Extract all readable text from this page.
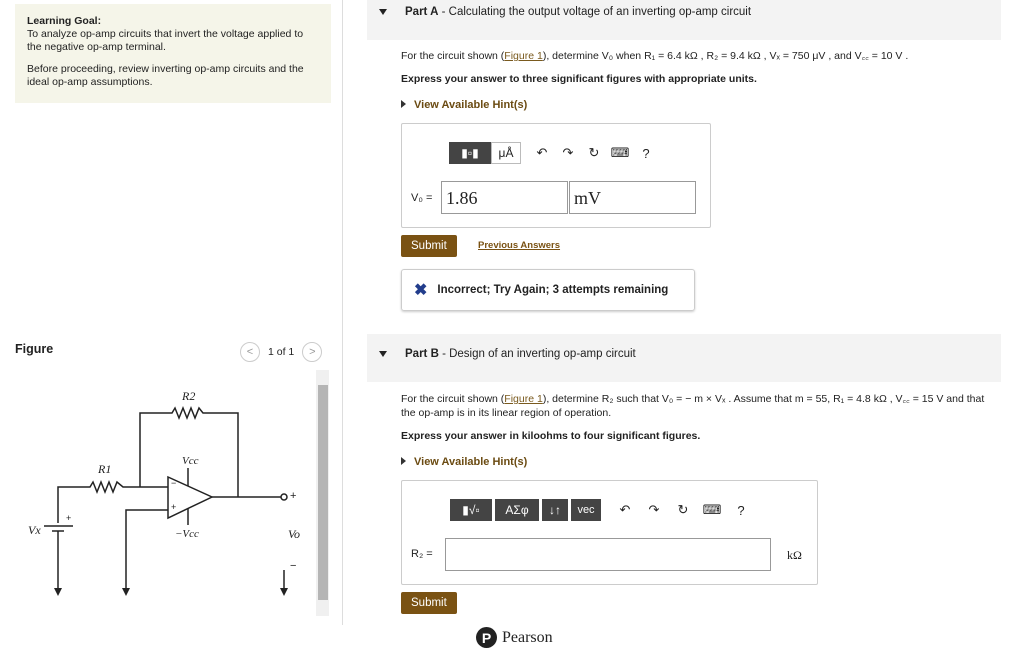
Learning Goal:
To analyze op-amp circuits that invert the voltage applied to the negative op-amp terminal.
Before proceeding, review inverting op-amp circuits and the ideal op-amp assumptions.
Figure	<	1 of 1	>
R2
R1
Vcc
−Vcc
Vx	Vo
+
−
+
−
+
Part A - Calculating the output voltage of an inverting op-amp circuit
For the circuit shown (Figure 1), determine V₀ when R₁ = 6.4 kΩ , R₂ = 9.4 kΩ , Vₓ = 750 μV , and V꜀꜀ = 10 V .
Express your answer to three significant figures with appropriate units.
View Available Hint(s)
▮▫▮	μÅ	↶	↷	↻ ⌨	?
V₀ = 1.86	mV
Submit	Previous Answers
✖ Incorrect; Try Again; 3 attempts remaining
Part B - Design of an inverting op-amp circuit
For the circuit shown (Figure 1), determine R₂ such that V₀ = − m × Vₓ . Assume that m = 55, R₁ = 4.8 kΩ , V꜀꜀ = 15 V and that the op-amp is in its linear region of operation.
Express your answer in kiloohms to four significant figures.
View Available Hint(s)
▮√▫	ΑΣφ	↓↑	vec	↶	↷	↻	⌨	?
R₂ =	kΩ
Submit
P Pearson
